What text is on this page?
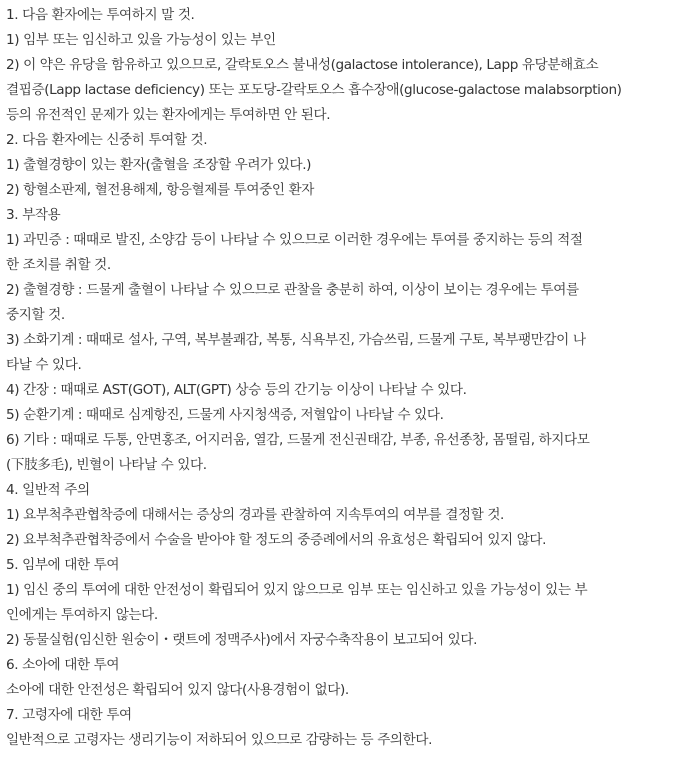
1. 다음 환자에는 투여하지 말 것.
1) 임부 또는 임신하고 있을 가능성이 있는 부인
2) 이 약은 유당을 함유하고 있으므로, 갈락토오스 불내성(galactose intolerance), Lapp 유당분해효소
결핍증(Lapp lactase deficiency) 또는 포도당-갈락토오스 흡수장애(glucose-galactose malabsorption)
등의 유전적인 문제가 있는 환자에게는 투여하면 안 된다.
2. 다음 환자에는 신중히 투여할 것.
1) 출혈경향이 있는 환자(출혈을 조장할 우려가 있다.)
2) 항혈소판제, 혈전용해제, 항응혈제를 투여중인 환자
3. 부작용
1) 과민증 : 때때로 발진, 소양감 등이 나타날 수 있으므로 이러한 경우에는 투여를 중지하는 등의 적절
한 조치를 취할 것.
2) 출혈경향 : 드물게 출혈이 나타날 수 있으므로 관찰을 충분히 하여, 이상이 보이는 경우에는 투여를
중지할 것.
3) 소화기계 : 때때로 설사, 구역, 복부불쾌감, 복통, 식욕부진, 가슴쓰림, 드물게 구토, 복부팽만감이 나
타날 수 있다.
4) 간장 : 때때로 AST(GOT), ALT(GPT) 상승 등의 간기능 이상이 나타날 수 있다.
5) 순환기계 : 때때로 심계항진, 드물게 사지청색증, 저혈압이 나타날 수 있다.
6) 기타 : 때때로 두통, 안면홍조, 어지러움, 열감, 드물게 전신권태감, 부종, 유선종창, 몸떨림, 하지다모
(下肢多毛), 빈혈이 나타날 수 있다.
4. 일반적 주의
1) 요부척추관협착증에 대해서는 증상의 경과를 관찰하여 지속투여의 여부를 결정할 것.
2) 요부척추관협착증에서 수술을 받아야 할 정도의 중증례에서의 유효성은 확립되어 있지 않다.
5. 임부에 대한 투여
1) 임신 중의 투여에 대한 안전성이 확립되어 있지 않으므로 임부 또는 임신하고 있을 가능성이 있는 부
인에게는 투여하지 않는다.
2) 동물실험(임신한 원숭이・랫트에 정맥주사)에서 자궁수축작용이 보고되어 있다.
6. 소아에 대한 투여
소아에 대한 안전성은 확립되어 있지 않다(사용경험이 없다).
7. 고령자에 대한 투여
일반적으로 고령자는 생리기능이 저하되어 있으므로 감량하는 등 주의한다.
